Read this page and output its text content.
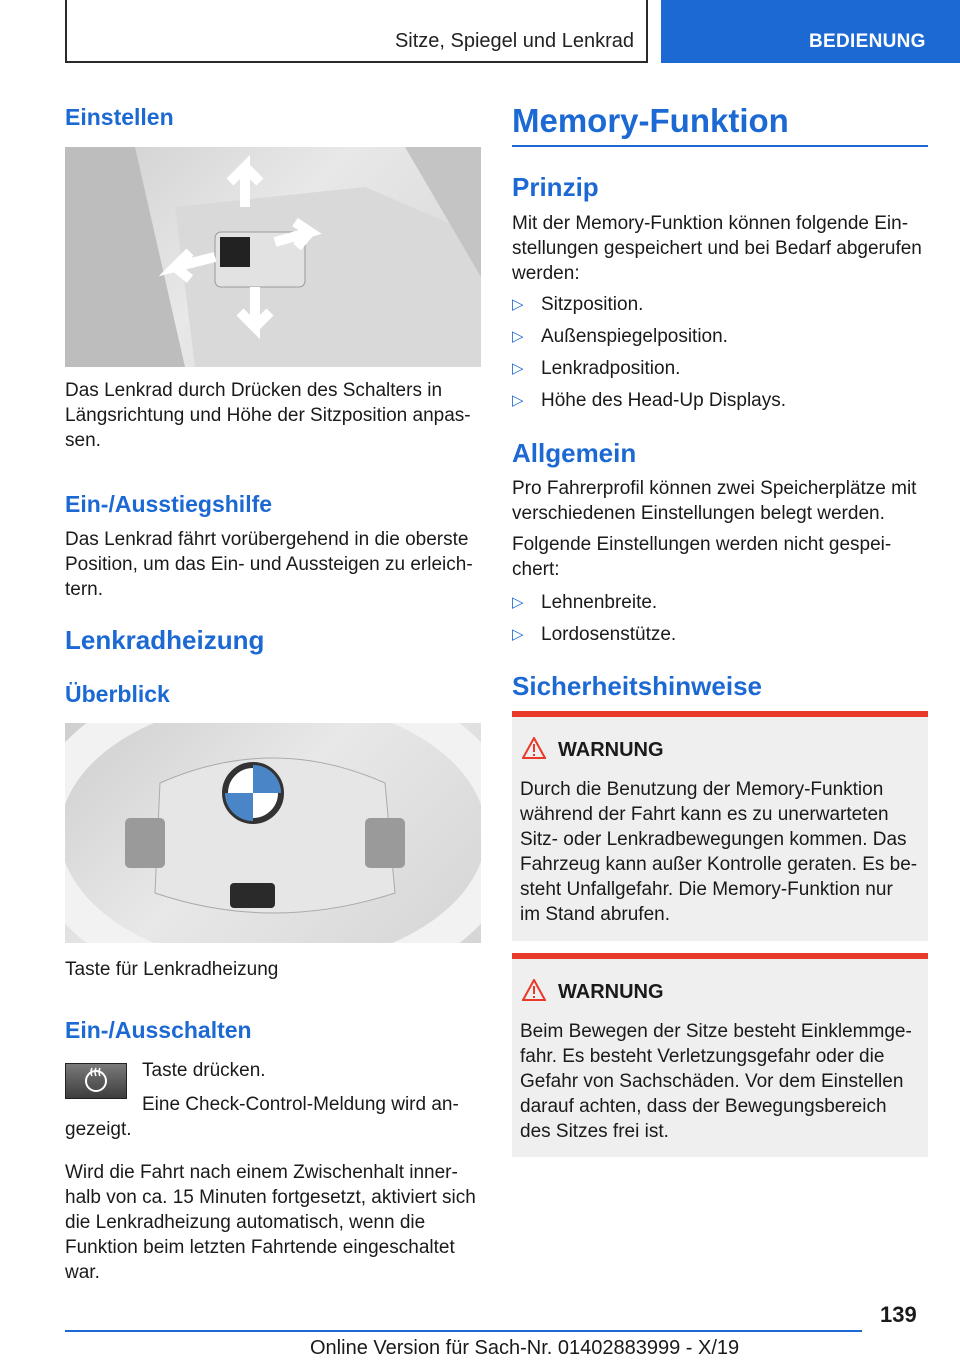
Sitze, Spiegel und Lenkrad	BEDIENUNG
Einstellen

Das Lenkrad durch Drücken des Schalters in

Längsrichtung und Höhe der Sitzposition anpas-

sen.

Ein-/Ausstiegshilfe

Das Lenkrad fährt vorübergehend in die oberste

Position, um das Ein- und Aussteigen zu erleich-

tern.

Lenkradheizung
Überblick

Taste für Lenkradheizung

Ein-/Ausschalten

Taste drücken.

Eine Check-Control-Meldung wird an-

gezeigt.

Wird die Fahrt nach einem Zwischenhalt inner-

halb von ca. 15 Minuten fortgesetzt, aktiviert sich

die Lenkradheizung automatisch, wenn die

Funktion beim letzten Fahrtende eingeschaltet

war.

Memory-Funktion
Prinzip

Mit der Memory-Funktion können folgende Ein-

stellungen gespeichert und bei Bedarf abgerufen

werden:

▷ Sitzposition.
▷ Außenspiegelposition.
▷ Lenkradposition.
▷ Höhe des Head-Up Displays.
Allgemein

Pro Fahrerprofil können zwei Speicherplätze mit

verschiedenen Einstellungen belegt werden.

Folgende Einstellungen werden nicht gespei-

chert:

▷ Lehnenbreite.
▷ Lordosenstütze.
Sicherheitshinweise
WARNUNG
Durch die Benutzung der Memory-Funktion
während der Fahrt kann es zu unerwarteten
Sitz- oder Lenkradbewegungen kommen. Das
Fahrzeug kann außer Kontrolle geraten. Es be-
steht Unfallgefahr. Die Memory-Funktion nur
im Stand abrufen.
WARNUNG
Beim Bewegen der Sitze besteht Einklemmge-
fahr. Es besteht Verletzungsgefahr oder die
Gefahr von Sachschäden. Vor dem Einstellen
darauf achten, dass der Bewegungsbereich
des Sitzes frei ist.
139
Online Version für Sach-Nr. 01402883999 - X/19
